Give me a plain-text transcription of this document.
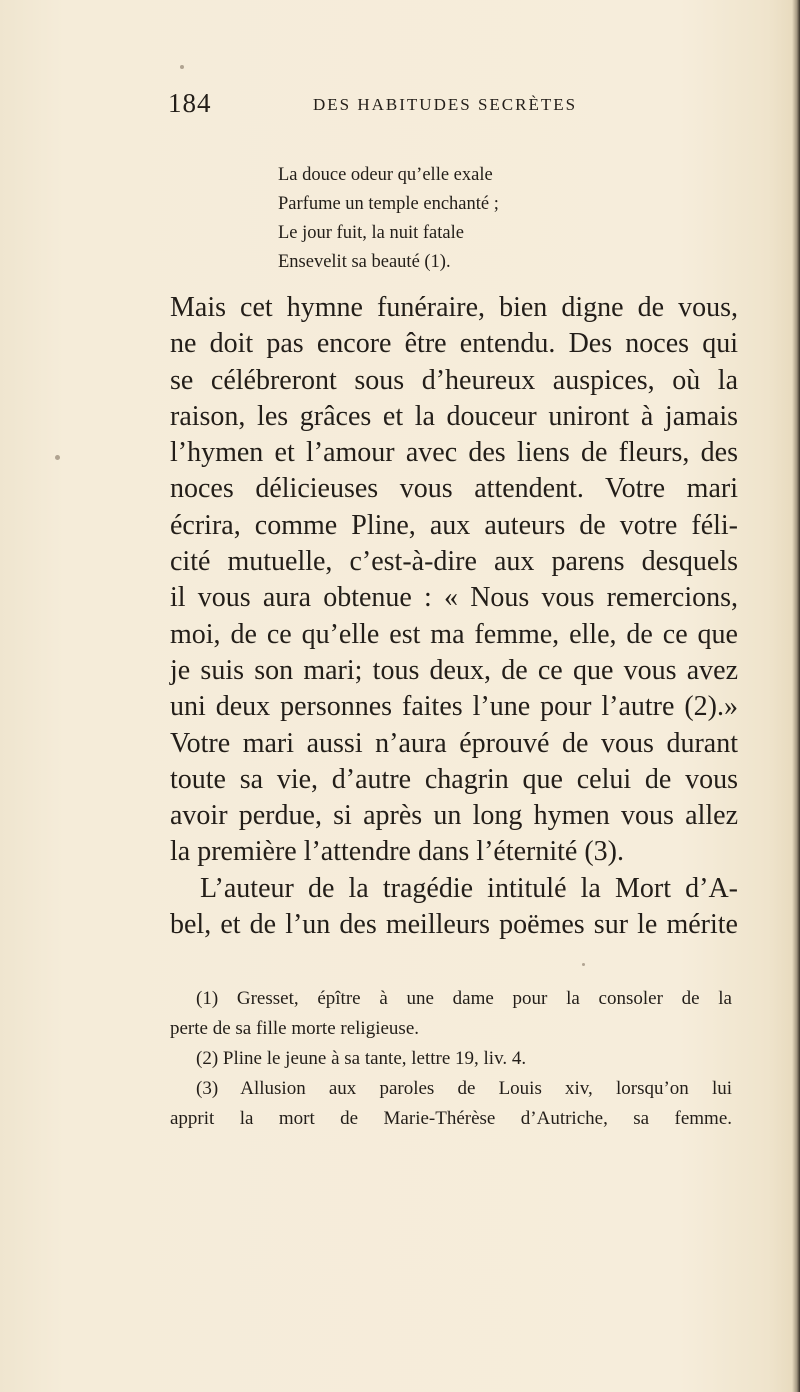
184	DES HABITUDES SECRÈTES
La douce odeur qu’elle exale
Parfume un temple enchanté ;
Le jour fuit, la nuit fatale
Ensevelit sa beauté (1).
Mais cet hymne funéraire, bien digne de vous,
ne doit pas encore être entendu. Des noces qui
se célébreront sous d’heureux auspices, où la
raison, les grâces et la douceur uniront à jamais
l’hymen et l’amour avec des liens de fleurs, des
noces délicieuses vous attendent. Votre mari
écrira, comme Pline, aux auteurs de votre féli-
cité mutuelle, c’est-à-dire aux parens desquels
il vous aura obtenue : « Nous vous remercions,
moi, de ce qu’elle est ma femme, elle, de ce que
je suis son mari; tous deux, de ce que vous avez
uni deux personnes faites l’une pour l’autre (2).»
Votre mari aussi n’aura éprouvé de vous durant
toute sa vie, d’autre chagrin que celui de vous
avoir perdue, si après un long hymen vous allez
la première l’attendre dans l’éternité (3).
L’auteur de la tragédie intitulé la Mort d’A-
bel, et de l’un des meilleurs poëmes sur le mérite
(1) Gresset, épître à une dame pour la consoler de la
perte de sa fille morte religieuse.
(2) Pline le jeune à sa tante, lettre 19, liv. 4.
(3) Allusion aux paroles de Louis xiv, lorsqu’on lui
apprit la mort de Marie-Thérèse d’Autriche, sa femme.
